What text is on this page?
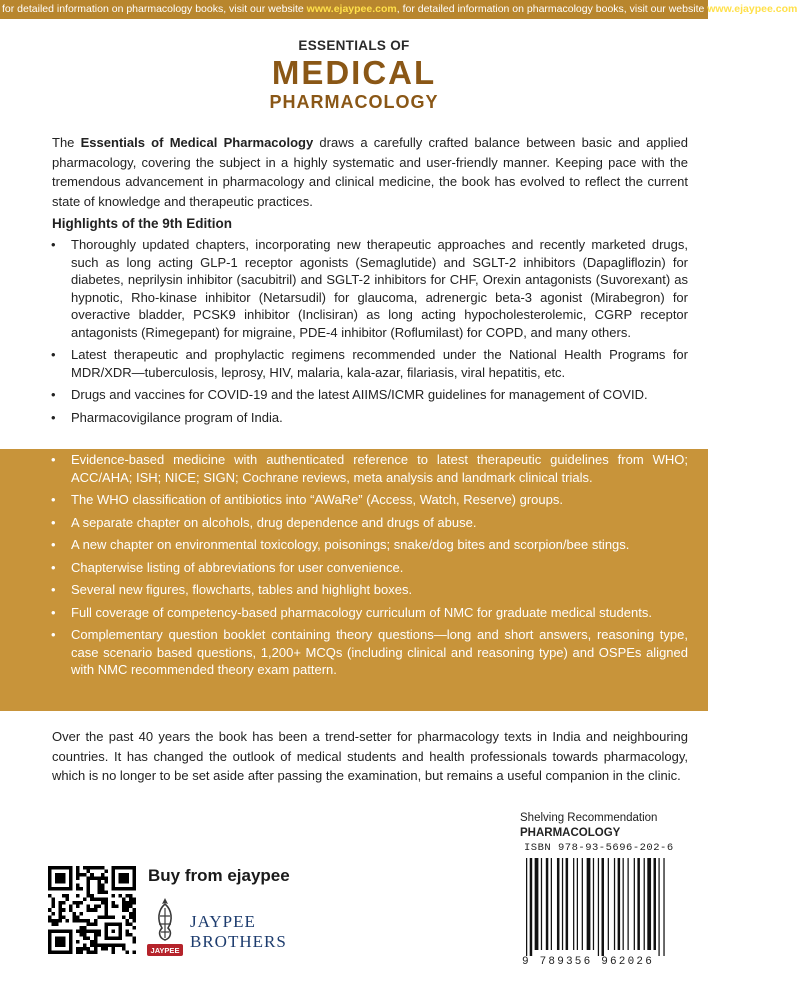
for detailed information on pharmacology books, visit our website www.ejaypee.com, for detailed information on pharmacology books, visit our website www.ejaypee.com
ESSENTIALS OF
MEDICAL
PHARMACOLOGY

The Essentials of Medical Pharmacology draws a carefully crafted balance between basic and applied pharmacology, covering the subject in a highly systematic and user-friendly manner. Keeping pace with the tremendous advancement in pharmacology and clinical medicine, the book has evolved to reflect the current state of knowledge and therapeutic practices.

Highlights of the 9th Edition
• Thoroughly updated chapters, incorporating new therapeutic approaches and recently marketed drugs, such as long acting GLP-1 receptor agonists (Semaglutide) and SGLT-2 inhibitors (Dapagliflozin) for diabetes, neprilysin inhibitor (sacubitril) and SGLT-2 inhibitors for CHF, Orexin antagonists (Suvorexant) as hypnotic, Rho-kinase inhibitor (Netarsudil) for glaucoma, adrenergic beta-3 agonist (Mirabegron) for overactive bladder, PCSK9 inhibitor (Inclisiran) as long acting hypocholesterolemic, CGRP receptor antagonists (Rimegepant) for migraine, PDE-4 inhibitor (Roflumilast) for COPD, and many others.
• Latest therapeutic and prophylactic regimens recommended under the National Health Programs for MDR/XDR—tuberculosis, leprosy, HIV, malaria, kala-azar, filariasis, viral hepatitis, etc.
• Drugs and vaccines for COVID-19 and the latest AIIMS/ICMR guidelines for management of COVID.
• Pharmacovigilance program of India.
• Evidence-based medicine with authenticated reference to latest therapeutic guidelines from WHO; ACC/AHA; ISH; NICE; SIGN; Cochrane reviews, meta analysis and landmark clinical trials.
• The WHO classification of antibiotics into “AWaRe” (Access, Watch, Reserve) groups.
• A separate chapter on alcohols, drug dependence and drugs of abuse.
• A new chapter on environmental toxicology, poisonings; snake/dog bites and scorpion/bee stings.
• Chapterwise listing of abbreviations for user convenience.
• Several new figures, flowcharts, tables and highlight boxes.
• Full coverage of competency-based pharmacology curriculum of NMC for graduate medical students.
• Complementary question booklet containing theory questions—long and short answers, reasoning type, case scenario based questions, 1,200+ MCQs (including clinical and reasoning type) and OSPEs aligned with NMC recommended theory exam pattern.

Over the past 40 years the book has been a trend-setter for pharmacology texts in India and neighbouring countries. It has changed the outlook of medical students and health professionals towards pharmacology, which is no longer to be set aside after passing the examination, but remains a useful companion in the clinic.

Shelving Recommendation
PHARMACOLOGY
ISBN 978-93-5696-202-6
9 789356 962026
Buy from ejaypee
JAYPEE
JAYPEE
BROTHERS
